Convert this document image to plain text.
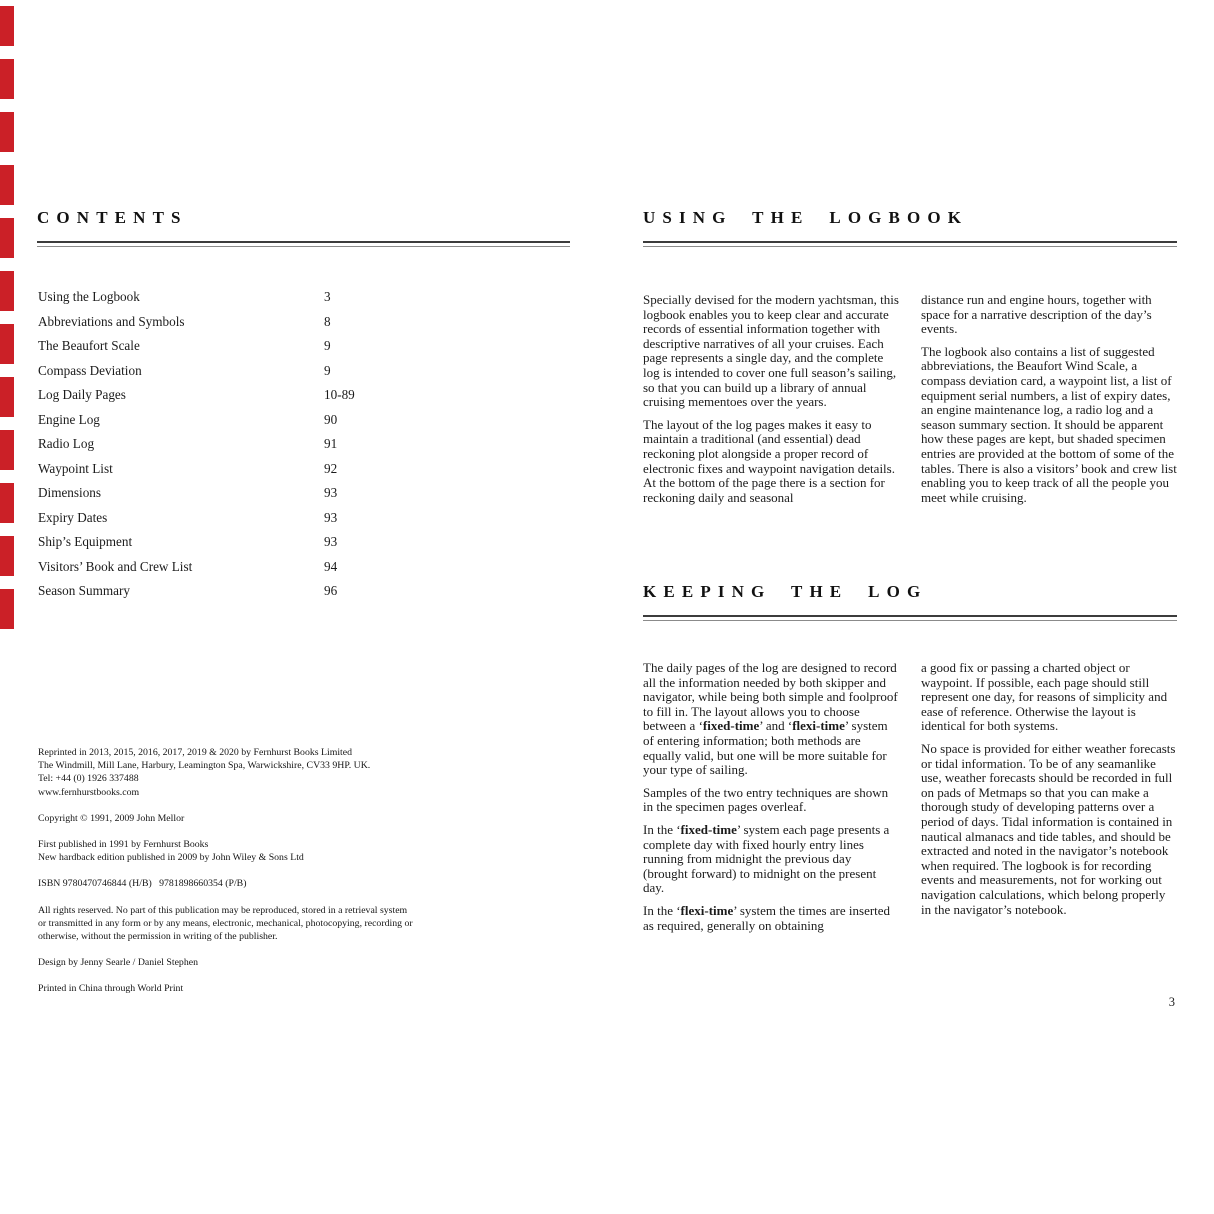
CONTENTS
Using the Logbook	3
Abbreviations and Symbols	8
The Beaufort Scale	9
Compass Deviation	9
Log Daily Pages	10-89
Engine Log	90
Radio Log	91
Waypoint List	92
Dimensions	93
Expiry Dates	93
Ship’s Equipment	93
Visitors’ Book and Crew List	94
Season Summary	96
Reprinted in 2013, 2015, 2016, 2017, 2019 & 2020 by Fernhurst Books Limited
The Windmill, Mill Lane, Harbury, Leamington Spa, Warwickshire, CV33 9HP. UK.
Tel: +44 (0) 1926 337488
www.fernhurstbooks.com
Copyright © 1991, 2009 John Mellor
First published in 1991 by Fernhurst Books
New hardback edition published in 2009 by John Wiley & Sons Ltd
ISBN 9780470746844 (H/B)   9781898660354 (P/B)
All rights reserved. No part of this publication may be reproduced, stored in a retrieval system
or transmitted in any form or by any means, electronic, mechanical, photocopying, recording or
otherwise, without the permission in writing of the publisher.
Design by Jenny Searle / Daniel Stephen
Printed in China through World Print
USING THE LOGBOOK

Specially devised for the modern yachtsman, this logbook enables you to keep clear and accurate records of essential information together with descriptive narratives of all your cruises. Each page represents a single day, and the complete log is intended to cover one full season’s sailing, so that you can build up a library of annual cruising mementoes over the years.

The layout of the log pages makes it easy to maintain a traditional (and essential) dead reckoning plot alongside a proper record of electronic fixes and waypoint navigation details. At the bottom of the page there is a section for reckoning daily and seasonal

distance run and engine hours, together with space for a narrative description of the day’s events.

The logbook also contains a list of suggested abbreviations, the Beaufort Wind Scale, a compass deviation card, a waypoint list, a list of equipment serial numbers, a list of expiry dates, an engine maintenance log, a radio log and a season summary section. It should be apparent how these pages are kept, but shaded specimen entries are provided at the bottom of some of the tables. There is also a visitors’ book and crew list enabling you to keep track of all the people you meet while cruising.

KEEPING THE LOG

The daily pages of the log are designed to record all the information needed by both skipper and navigator, while being both simple and foolproof to fill in. The layout allows you to choose between a ‘fixed-time’ and ‘flexi-time’ system of entering information; both methods are equally valid, but one will be more suitable for your type of sailing.

Samples of the two entry techniques are shown in the specimen pages overleaf.

In the ‘fixed-time’ system each page presents a complete day with fixed hourly entry lines running from midnight the previous day (brought forward) to midnight on the present day.

In the ‘flexi-time’ system the times are inserted as required, generally on obtaining

a good fix or passing a charted object or waypoint. If possible, each page should still represent one day, for reasons of simplicity and ease of reference. Otherwise the layout is identical for both systems.

No space is provided for either weather forecasts or tidal information. To be of any seamanlike use, weather forecasts should be recorded in full on pads of Metmaps so that you can make a thorough study of developing patterns over a period of days. Tidal information is contained in nautical almanacs and tide tables, and should be extracted and noted in the navigator’s notebook when required. The logbook is for recording events and measurements, not for working out navigation calculations, which belong properly in the navigator’s notebook.

3
